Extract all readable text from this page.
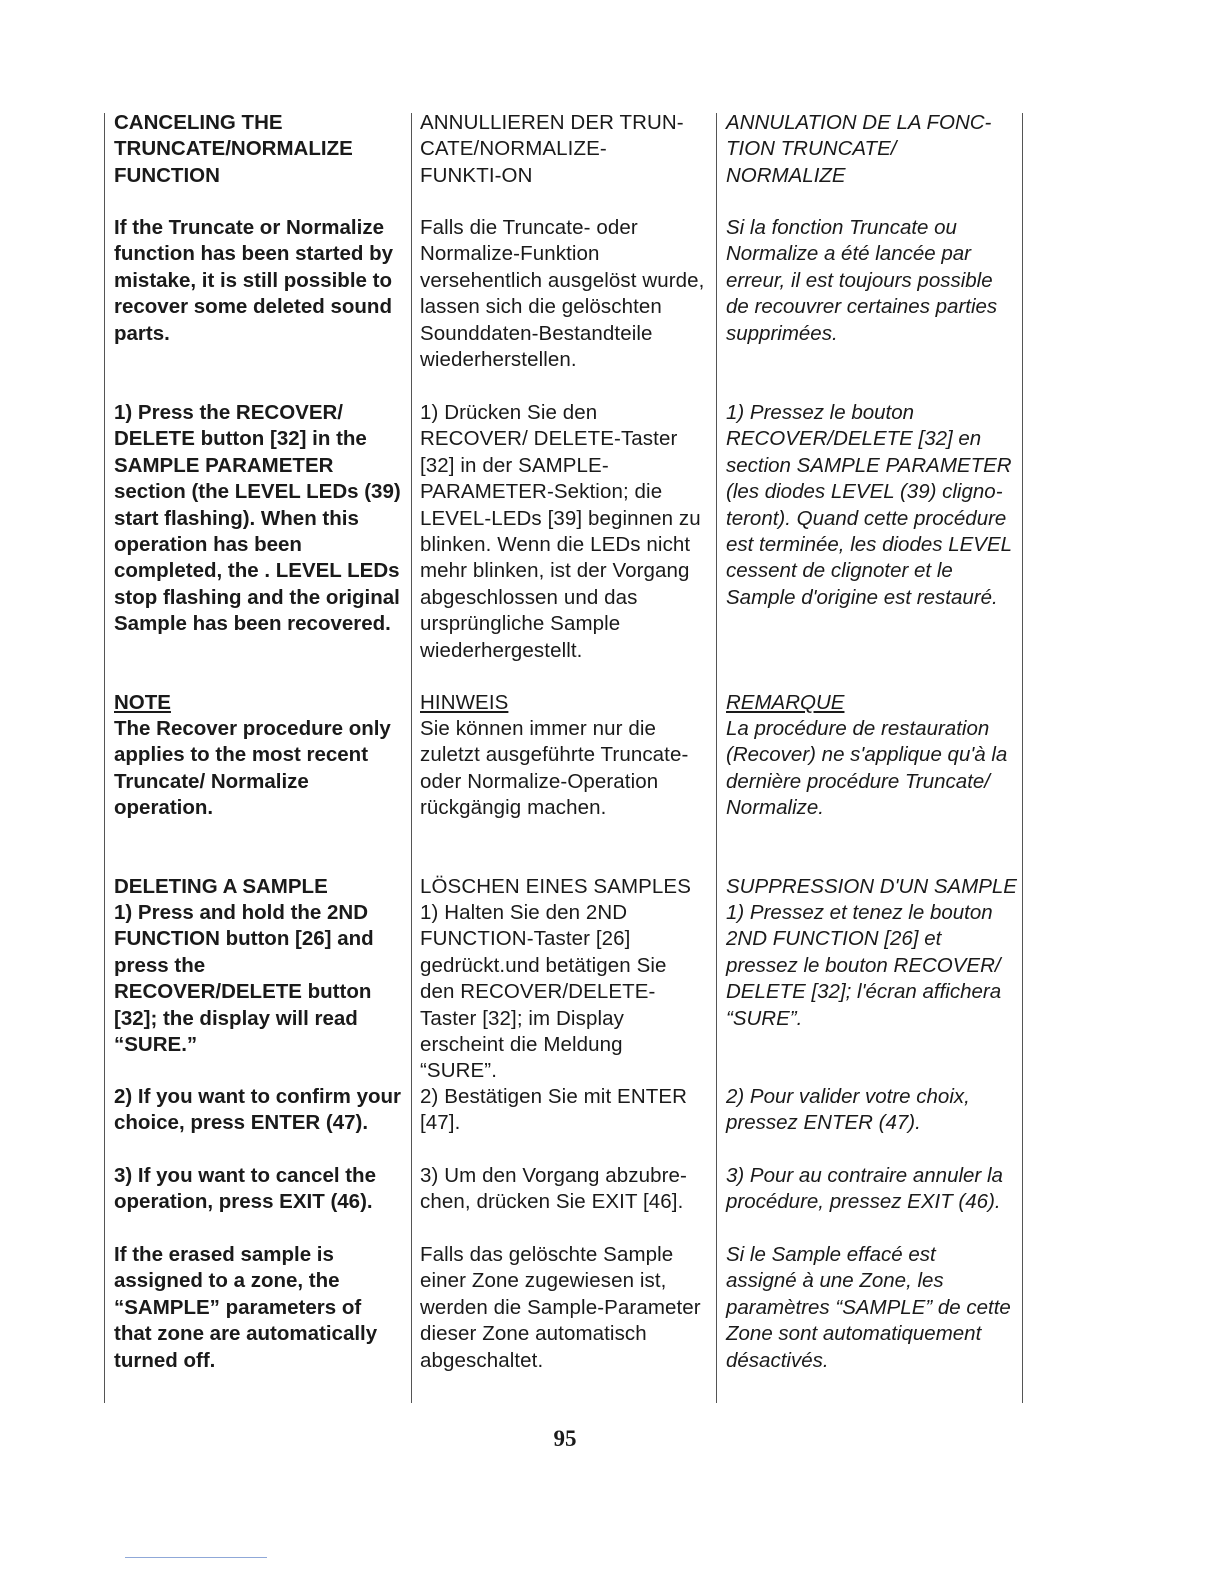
CANCELING THE TRUNCATE/NORMALIZE FUNCTION

If the Truncate or Normalize function has been started by mistake, it is still possible to recover some deleted sound parts.

1) Press the RECOVER/ DELETE button [32] in the SAMPLE PARAMETER section (the LEVEL LEDs (39) start flashing). When this operation has been completed, the . LEVEL LEDs stop flashing and the original Sample has been recovered.

NOTE

The Recover procedure only applies to the most recent Truncate/ Normalize operation.

DELETING A SAMPLE

1) Press and hold the 2ND FUNCTION button [26] and press the RECOVER/DELETE button [32]; the display will read “SURE.”

2) If you want to confirm your choice, press ENTER (47).

3) If you want to cancel the operation, press EXIT (46).

If the erased sample is assigned to a zone, the “SAMPLE” parameters of that zone are automatically turned off.

ANNULLIEREN DER TRUN-CATE/NORMALIZE-FUNKTI-ON

Falls die Truncate- oder Normalize-Funktion versehentlich ausgelöst wurde, lassen sich die gelöschten Sounddaten-Bestandteile wiederherstellen.

1) Drücken Sie den RECOVER/ DELETE-Taster [32] in der SAMPLE-PARAMETER-Sektion; die LEVEL-LEDs [39] beginnen zu blinken. Wenn die LEDs nicht mehr blinken, ist der Vorgang abgeschlossen und das ursprüngliche Sample wiederhergestellt.

HINWEIS

Sie können immer nur die zuletzt ausgeführte Truncate- oder Normalize-Operation rückgängig machen.

LÖSCHEN EINES SAMPLES

1) Halten Sie den 2ND FUNCTION-Taster [26] gedrückt.und betätigen Sie den RECOVER/DELETE-Taster [32]; im Display erscheint die Meldung “SURE”.

2) Bestätigen Sie mit ENTER [47].

3) Um den Vorgang abzubre-chen, drücken Sie EXIT [46].

Falls das gelöschte Sample einer Zone zugewiesen ist, werden die Sample-Parameter dieser Zone automatisch abgeschaltet.

ANNULATION DE LA FONC-TION TRUNCATE/ NORMALIZE

Si la fonction Truncate ou Normalize a été lancée par erreur, il est toujours possible de recouvrer certaines parties supprimées.

1) Pressez le bouton RECOVER/DELETE [32] en section SAMPLE PARAMETER (les diodes LEVEL (39) cligno-teront). Quand cette procédure est terminée, les diodes LEVEL cessent de clignoter et le Sample d'origine est restauré.

REMARQUE

La procédure de restauration (Recover) ne s'applique qu'à la dernière procédure Truncate/ Normalize.

SUPPRESSION D'UN SAMPLE

1) Pressez et tenez le bouton 2ND FUNCTION [26] et pressez le bouton RECOVER/ DELETE [32]; l'écran affichera “SURE”.

2) Pour valider votre choix, pressez ENTER (47).

3) Pour au contraire annuler la procédure, pressez EXIT (46).

Si le Sample effacé est assigné à une Zone, les paramètres “SAMPLE” de cette Zone sont automatiquement désactivés.

95
